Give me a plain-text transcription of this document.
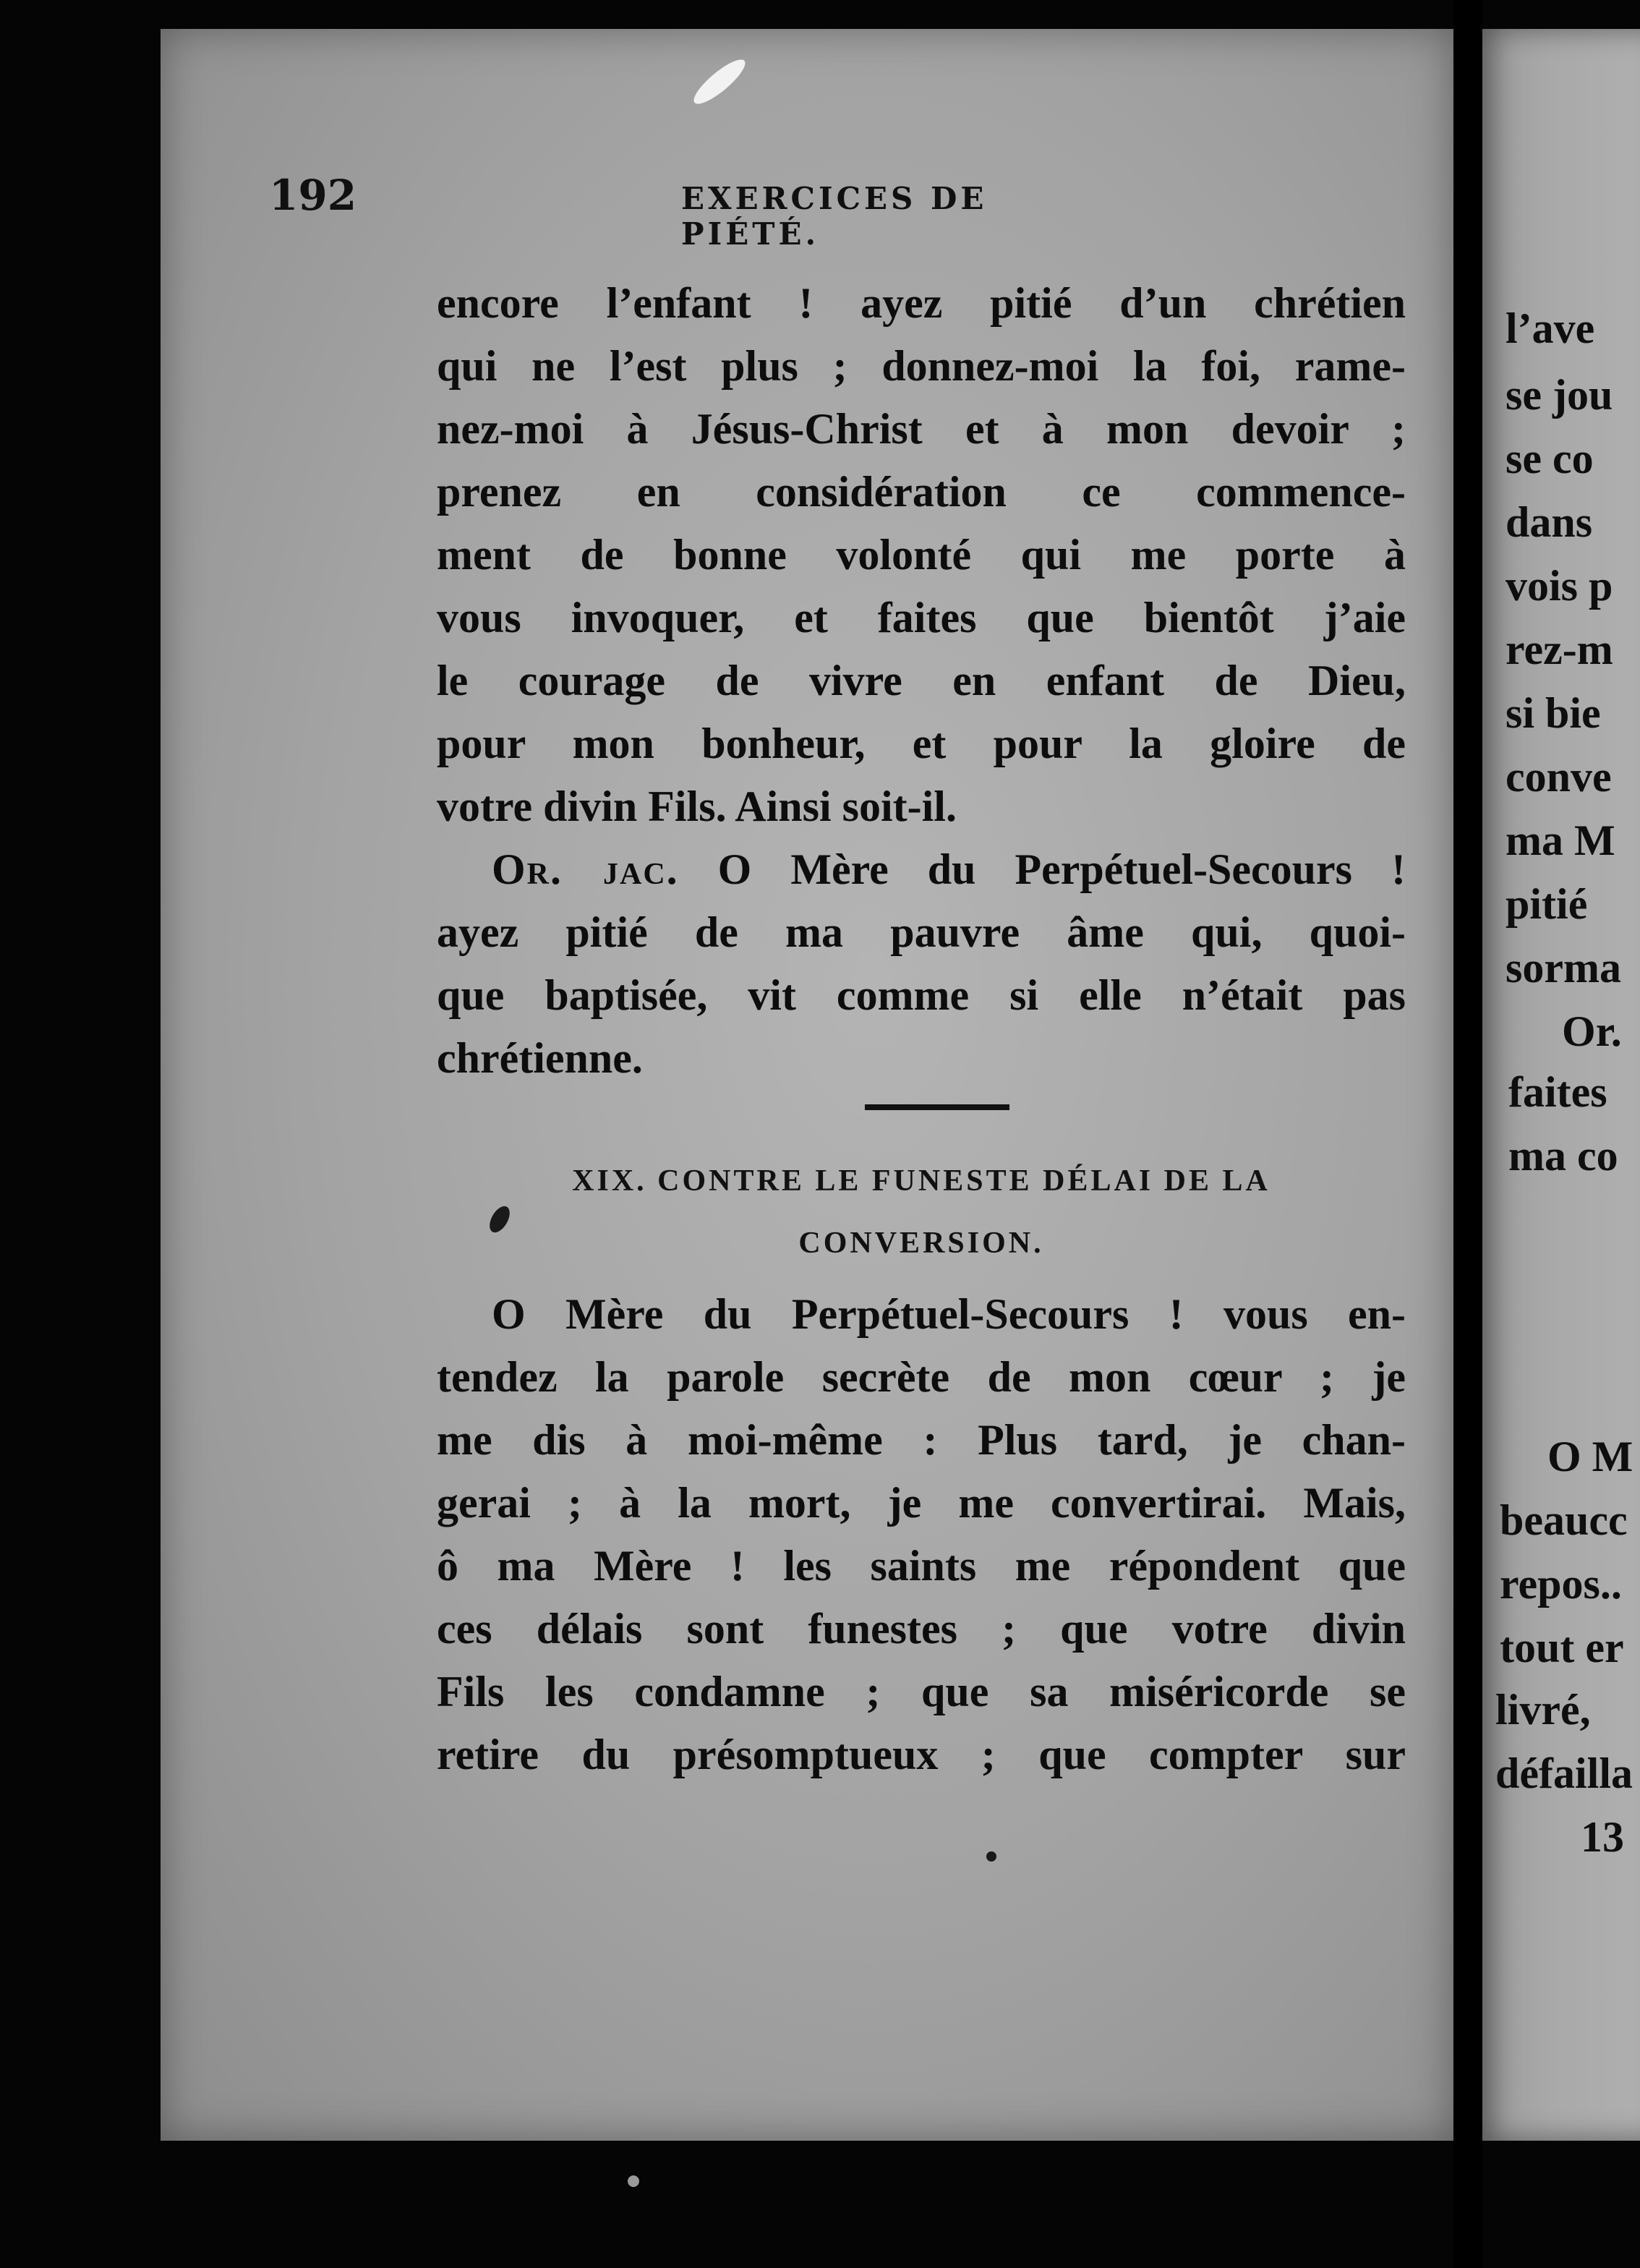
192	EXERCICES DE PIÉTÉ.
encore l’enfant ! ayez pitié d’un chrétien
qui ne l’est plus ; donnez-moi la foi, rame-
nez-moi à Jésus-Christ et à mon devoir ;
prenez en considération ce commence-
ment de bonne volonté qui me porte à
vous invoquer, et faites que bientôt j’aie
le courage de vivre en enfant de Dieu,
pour mon bonheur, et pour la gloire de
votre divin Fils. Ainsi soit-il.
Or. jac. O Mère du Perpétuel-Secours !
ayez pitié de ma pauvre âme qui, quoi-
que baptisée, vit comme si elle n’était pas
chrétienne.
XIX. CONTRE LE FUNESTE DÉLAI DE LA
CONVERSION.
O Mère du Perpétuel-Secours ! vous en-
tendez la parole secrète de mon cœur ; je
me dis à moi-même : Plus tard, je chan-
gerai ; à la mort, je me convertirai. Mais,
ô ma Mère ! les saints me répondent que
ces délais sont funestes ; que votre divin
Fils les condamne ; que sa miséricorde se
retire du présomptueux ; que compter sur
l’ave
se jou
se co
dans
vois p
rez-m
si bie
conve
ma M
pitié
sorma
Or.
faites
ma co
O M
beaucc
repos..
tout er
livré,
défailla
13
